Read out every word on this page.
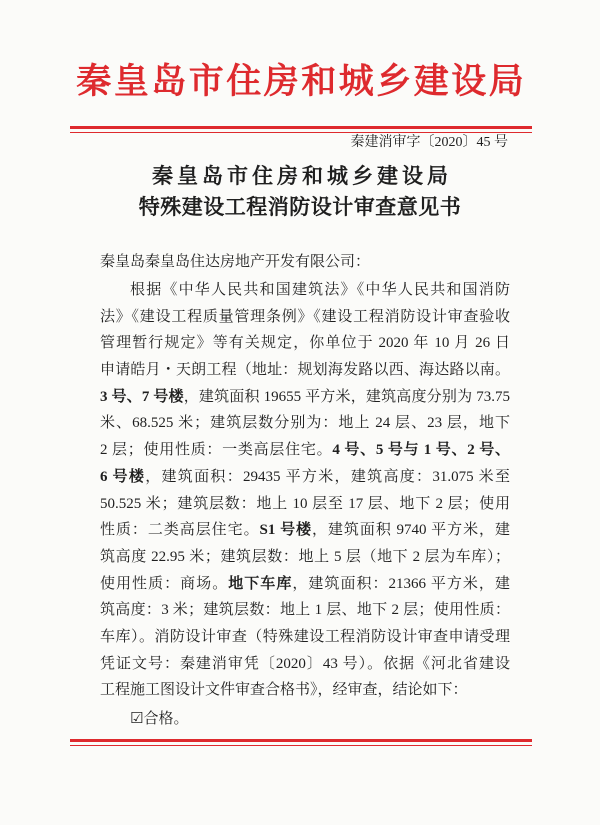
秦皇岛市住房和城乡建设局
秦建消审字〔2020〕45 号
秦皇岛市住房和城乡建设局
特殊建设工程消防设计审查意见书
秦皇岛秦皇岛住达房地产开发有限公司：
根据《中华人民共和国建筑法》《中华人民共和国消防
法》《建设工程质量管理条例》《建设工程消防设计审查验收
管理暂行规定》等有关规定，你单位于 2020 年 10 月 26 日
申请皓月・天朗工程（地址：规划海发路以西、海达路以南。
3 号、7 号楼，建筑面积 19655 平方米，建筑高度分别为 73.75
米、68.525 米；建筑层数分别为：地上 24 层、23 层，地下
2 层；使用性质：一类高层住宅。4 号、5 号与 1 号、2 号、
6 号楼，建筑面积：29435 平方米，建筑高度：31.075 米至
50.525 米；建筑层数：地上 10 层至 17 层、地下 2 层；使用
性质：二类高层住宅。S1 号楼，建筑面积 9740 平方米，建
筑高度 22.95 米；建筑层数：地上 5 层（地下 2 层为车库）；
使用性质：商场。地下车库，建筑面积：21366 平方米，建
筑高度：3 米；建筑层数：地上 1 层、地下 2 层；使用性质：
车库）。消防设计审查（特殊建设工程消防设计审查申请受理
凭证文号：秦建消审凭〔2020〕43 号）。依据《河北省建设
工程施工图设计文件审查合格书》，经审查，结论如下：
☑合格。
